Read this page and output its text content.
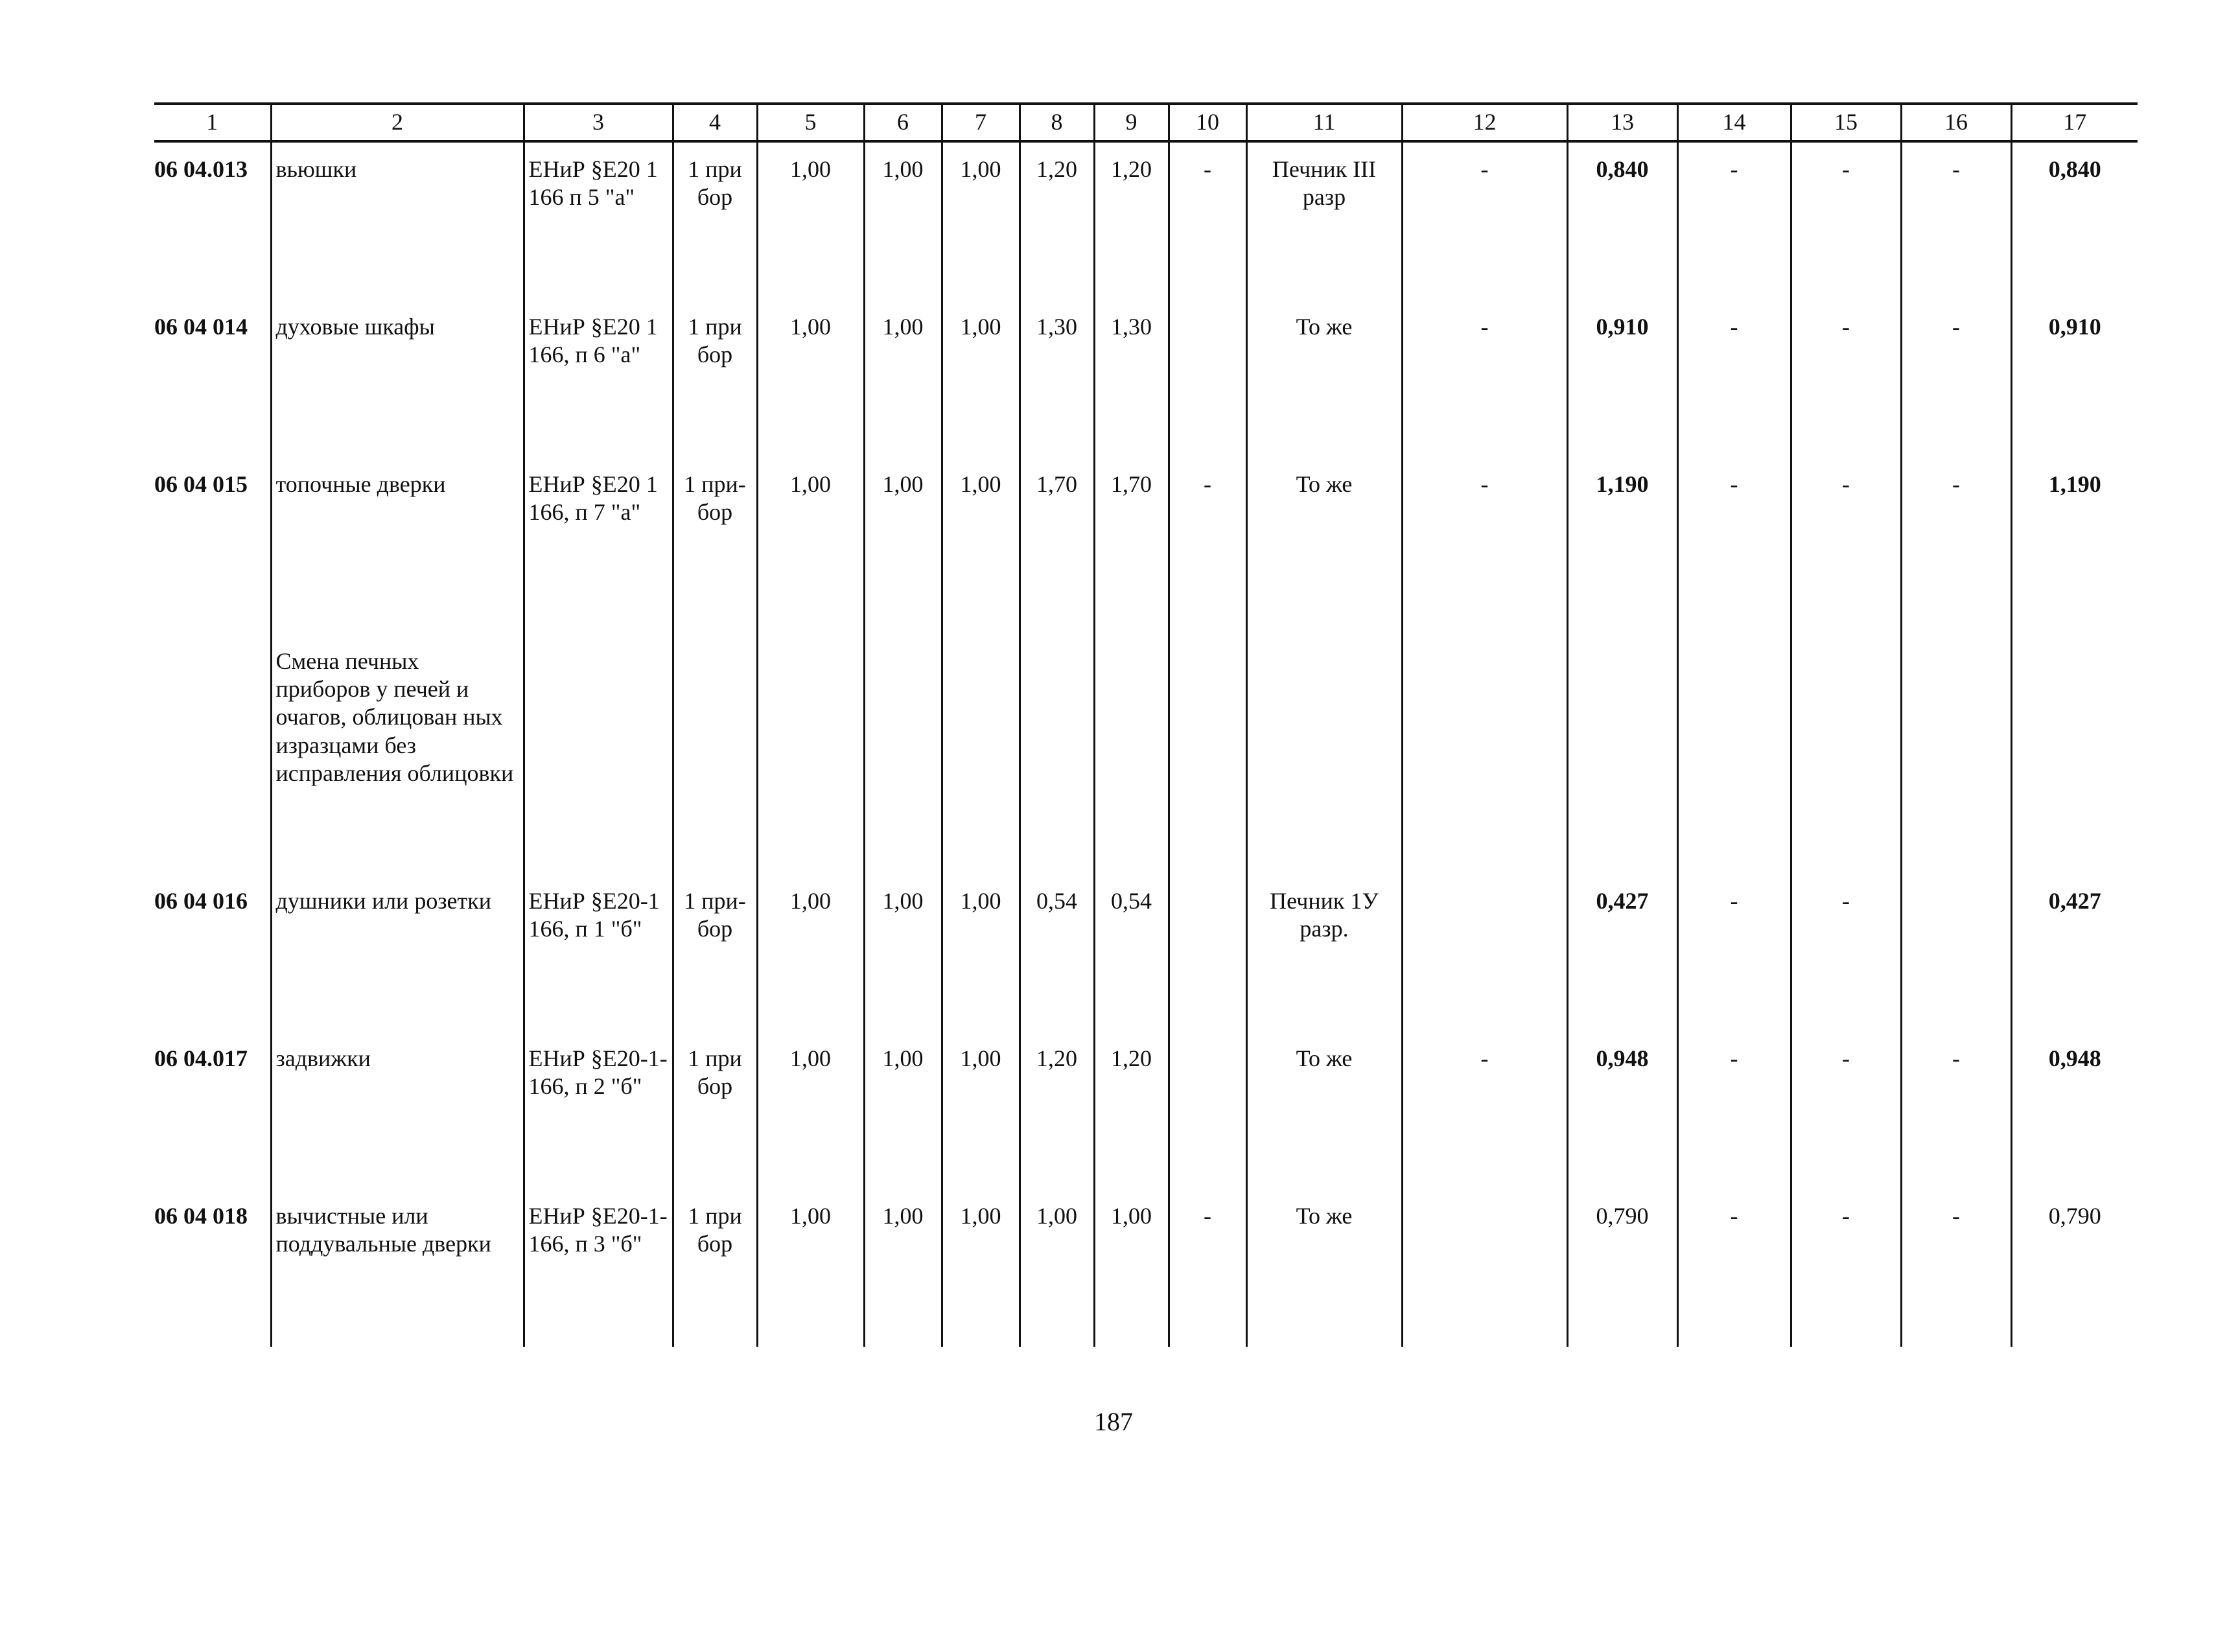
1	2	3	4	5	6	7	8	9	10	11	12	13	14	15	16	17
06 04.013	вьюшки	ЕНиР §Е20 1 166 п 5 "а"	1 при бор	1,00	1,00	1,00	1,20	1,20	-	Печник III разр	-	0,840	-	-	-	0,840
06 04 014	духовые шкафы	ЕНиР §Е20 1 166, п 6 "а"	1 при бор	1,00	1,00	1,00	1,30	1,30		То же	-	0,910	-	-	-	0,910
06 04 015	топочные дверки	ЕНиР §Е20 1 166, п 7 "а"	1 при-бор	1,00	1,00	1,00	1,70	1,70	-	То же	-	1,190	-	-	-	1,190
	Смена печных приборов у печей и очагов, облицован ных изразцами без исправления облицовки															
06 04 016	душники или розетки	ЕНиР §Е20-1 166, п 1 "б"	1 при-бор	1,00	1,00	1,00	0,54	0,54		Печник 1У разр.		0,427	-	-		0,427
06 04.017	задвижки	ЕНиР §Е20-1-166, п 2 "б"	1 при бор	1,00	1,00	1,00	1,20	1,20		То же	-	0,948	-	-	-	0,948
06 04 018	вычистные или поддувальные дверки	ЕНиР §Е20-1-166, п 3 "б"	1 при бор	1,00	1,00	1,00	1,00	1,00	-	То же		0,790	-	-	-	0,790
187
